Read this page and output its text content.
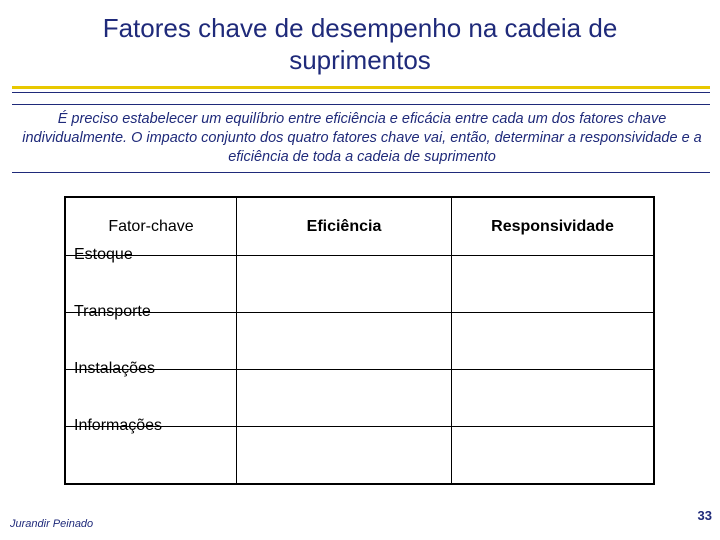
Fatores chave de desempenho na cadeia de suprimentos
É preciso estabelecer um equilíbrio entre eficiência e eficácia entre cada um dos fatores chave individualmente. O impacto conjunto dos quatro fatores chave vai, então, determinar a responsividade e a eficiência de toda a cadeia de suprimento
Fator-chave	Eficiência	Responsividade

Estoque		

Transporte		

Instalações		

Informações		

Jurandir Peinado
33
